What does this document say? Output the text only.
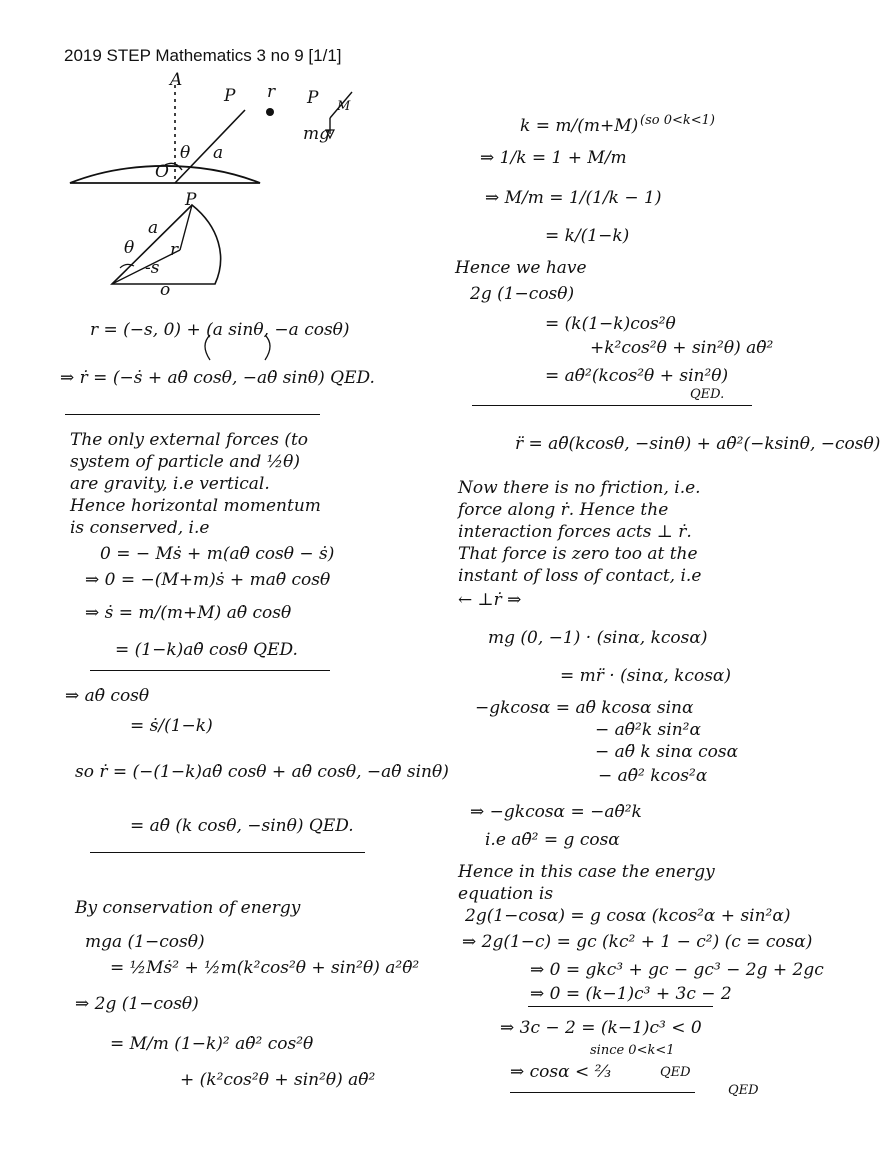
2019 STEP Mathematics 3 no 9 [1/1]
A
O
P
a
θ
r P M
mg
a
P
θ r
-s
o
r = (−s, 0) + (a sinθ, −a cosθ)
⇒ ṙ = (−ṡ + aθ̇ cosθ, −aθ̇ sinθ) QED.
The only external forces (to
system of particle and ½θ)
are gravity, i.e vertical.
Hence horizontal momentum
is conserved, i.e
0 = − Mṡ + m(aθ̇ cosθ − ṡ)
⇒ 0 = −(M+m)ṡ + maθ̇ cosθ
⇒ ṡ = m/(m+M) aθ̇ cosθ
= (1−k)aθ̇ cosθ QED.
⇒ aθ̇ cosθ
= ṡ/(1−k)
so ṙ = (−(1−k)aθ̇ cosθ + aθ̇ cosθ, −aθ̇ sinθ)
= aθ̇ (k cosθ, −sinθ) QED.
By conservation of energy
mga (1−cosθ)
= ½Mṡ² + ½m(k²cos²θ + sin²θ) a²θ̇²
⇒ 2g (1−cosθ)
= M/m (1−k)² aθ̇² cos²θ
+ (k²cos²θ + sin²θ) aθ̇²
k = m/(m+M) (so 0<k<1)
⇒ 1/k = 1 + M/m
⇒ M/m = 1/(1/k − 1)
= k/(1−k)
Hence we have
2g (1−cosθ)
= (k(1−k)cos²θ
+k²cos²θ + sin²θ) aθ̇²
= aθ̇²(kcos²θ + sin²θ)
QED.
r̈ = aθ̈(kcosθ, −sinθ) + aθ̇²(−ksinθ, −cosθ)
Now there is no friction, i.e.
force along ṙ. Hence the
interaction forces acts ⊥ ṙ.
That force is zero too at the
instant of loss of contact, i.e
← ⊥ṙ ⇒
mg (0, −1) · (sinα, kcosα)
= mr̈ · (sinα, kcosα)
−gkcosα = aθ̈ kcosα sinα
− aθ̇²k sin²α
− aθ̈ k sinα cosα
− aθ̇² kcos²α
⇒ −gkcosα = −aθ̇²k
i.e aθ̇² = g cosα
Hence in this case the energy
equation is
2g(1−cosα) = g cosα (kcos²α + sin²α)
⇒ 2g(1−c) = gc (kc² + 1 − c²) (c = cosα)
⇒ 0 = gkc³ + gc − gc³ − 2g + 2gc
⇒ 0 = (k−1)c³ + 3c − 2
⇒ 3c − 2 = (k−1)c³ < 0
since 0<k<1
⇒ cosα < ⅔	QED
QED
